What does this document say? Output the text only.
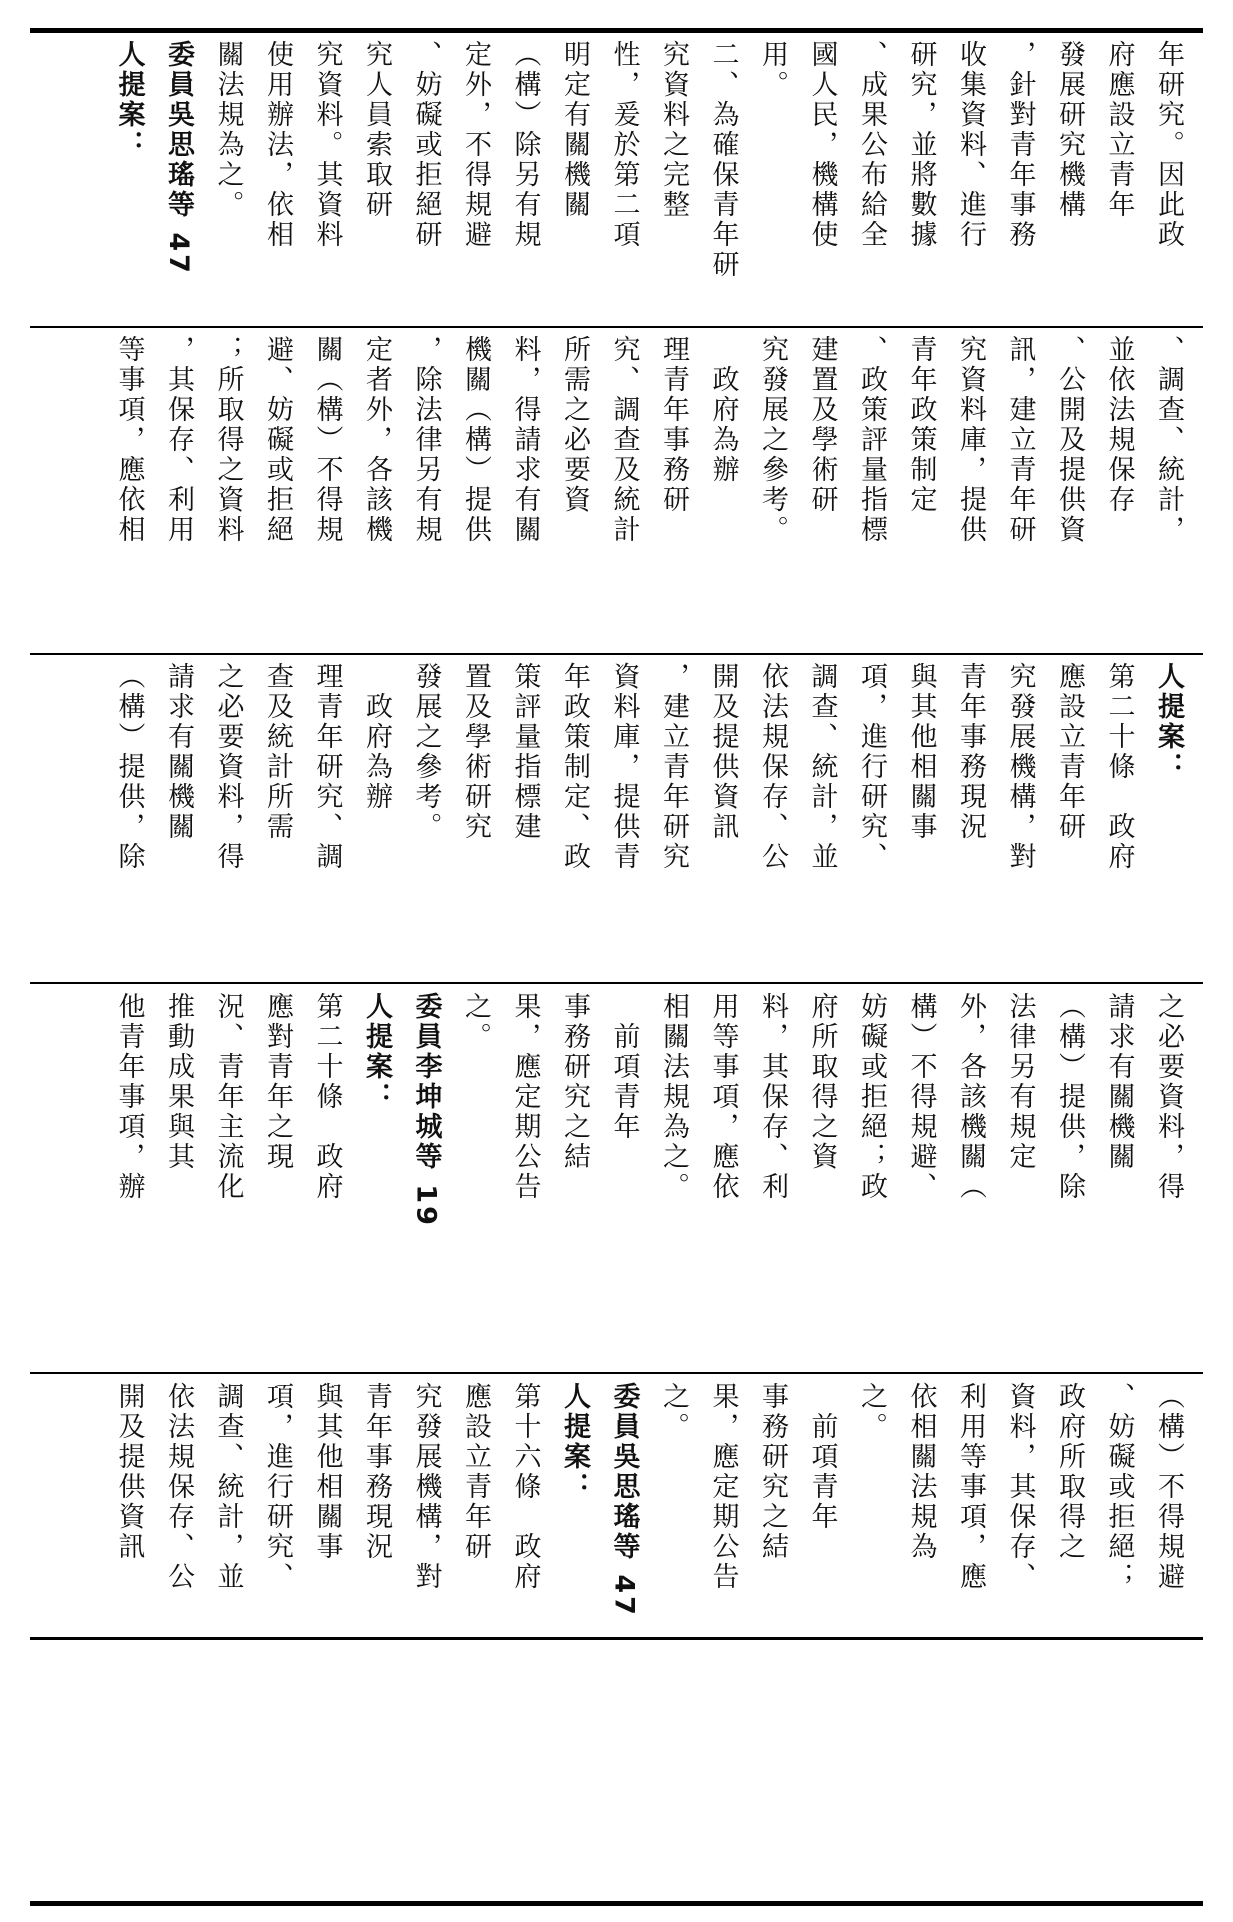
年研究。因此政
府應設立青年
發展研究機構
，針對青年事務
收集資料、進行
研究，並將數據
、成果公布給全
國人民，機構使
用。
二、為確保青年研
究資料之完整
性，爰於第二項
明定有關機關
（構）除另有規
定外，不得規避
、妨礙或拒絕研
究人員索取研
究資料。其資料
使用辦法，依相
關法規為之。
委員吳思瑤等 47
人提案：
、調查、統計，
並依法規保存
、公開及提供資
訊，建立青年研
究資料庫，提供
青年政策制定
、政策評量指標
建置及學術研
究發展之參考。
　政府為辦
理青年事務研
究、調查及統計
所需之必要資
料，得請求有關
機關（構）提供
，除法律另有規
定者外，各該機
關（構）不得規
避、妨礙或拒絕
；所取得之資料
，其保存、利用
等事項，應依相
人提案：
第二十條　政府
應設立青年研
究發展機構，對
青年事務現況
與其他相關事
項，進行研究、
調查、統計，並
依法規保存、公
開及提供資訊
，建立青年研究
資料庫，提供青
年政策制定、政
策評量指標建
置及學術研究
發展之參考。
　政府為辦
理青年研究、調
查及統計所需
之必要資料，得
請求有關機關
（構）提供，除
之必要資料，得
請求有關機關
（構）提供，除
法律另有規定
外，各該機關（
構）不得規避、
妨礙或拒絕；政
府所取得之資
料，其保存、利
用等事項，應依
相關法規為之。
　前項青年
事務研究之結
果，應定期公告
之。
委員李坤城等 19
人提案：
第二十條　政府
應對青年之現
況、青年主流化
推動成果與其
他青年事項，辦
（構）不得規避
、妨礙或拒絕；
政府所取得之
資料，其保存、
利用等事項，應
依相關法規為
之。
　前項青年
事務研究之結
果，應定期公告
之。
委員吳思瑤等 47
人提案：
第十六條　政府
應設立青年研
究發展機構，對
青年事務現況
與其他相關事
項，進行研究、
調查、統計，並
依法規保存、公
開及提供資訊
